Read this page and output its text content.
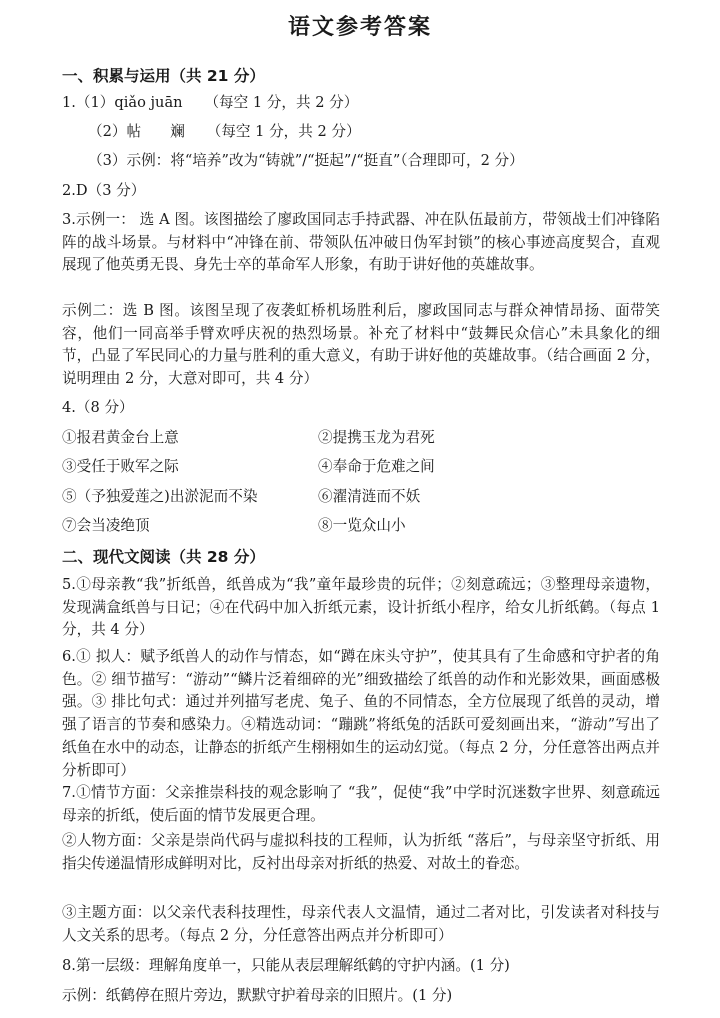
语文参考答案
一、积累与运用（共 21 分）
1.（1）qiǎo juān　　（每空 1 分，共 2 分）
（2）帖　　斓　　（每空 1 分，共 2 分）
（3）示例：将“培养”改为“铸就”/“挺起”/“挺直”（合理即可，2 分）
2.D（3 分）
3.示例一： 选 A 图。该图描绘了廖政国同志手持武器、冲在队伍最前方，带领战士们冲锋陷阵的战斗场景。与材料中“冲锋在前、带领队伍冲破日伪军封锁”的核心事迹高度契合，直观展现了他英勇无畏、身先士卒的革命军人形象，有助于讲好他的英雄故事。
示例二：选 B 图。该图呈现了夜袭虹桥机场胜利后，廖政国同志与群众神情昂扬、面带笑容，他们一同高举手臂欢呼庆祝的热烈场景。补充了材料中“鼓舞民众信心”未具象化的细节，凸显了军民同心的力量与胜利的重大意义，有助于讲好他的英雄故事。（结合画面 2 分，说明理由 2 分，大意对即可，共 4 分）
4.（8 分）
①报君黄金台上意	②提携玉龙为君死
③受任于败军之际	④奉命于危难之间
⑤（予独爱莲之)出淤泥而不染	⑥濯清涟而不妖
⑦会当凌绝顶	⑧一览众山小
二、现代文阅读（共 28 分）
5.①母亲教“我”折纸兽，纸兽成为“我”童年最珍贵的玩伴；②刻意疏远；③整理母亲遗物，发现满盒纸兽与日记；④在代码中加入折纸元素，设计折纸小程序，给女儿折纸鹤。（每点 1 分，共 4 分）
6.① 拟人：赋予纸兽人的动作与情态，如“蹲在床头守护”，使其具有了生命感和守护者的角色。② 细节描写：“游动”“鳞片泛着细碎的光”细致描绘了纸兽的动作和光影效果，画面感极强。③ 排比句式：通过并列描写老虎、兔子、鱼的不同情态，全方位展现了纸兽的灵动，增强了语言的节奏和感染力。④精选动词：“蹦跳”将纸兔的活跃可爱刻画出来，“游动”写出了纸鱼在水中的动态，让静态的折纸产生栩栩如生的运动幻觉。（每点 2 分，分任意答出两点并分析即可）
7.①情节方面：父亲推崇科技的观念影响了 “我”，促使“我”中学时沉迷数字世界、刻意疏远母亲的折纸，使后面的情节发展更合理。
②人物方面：父亲是崇尚代码与虚拟科技的工程师，认为折纸 “落后”，与母亲坚守折纸、用指尖传递温情形成鲜明对比，反衬出母亲对折纸的热爱、对故土的眷恋。
③主题方面：以父亲代表科技理性，母亲代表人文温情，通过二者对比，引发读者对科技与人文关系的思考。（每点 2 分，分任意答出两点并分析即可）
8.第一层级：理解角度单一，只能从表层理解纸鹤的守护内涵。(1 分)
示例：纸鹤停在照片旁边，默默守护着母亲的旧照片。(1 分)
